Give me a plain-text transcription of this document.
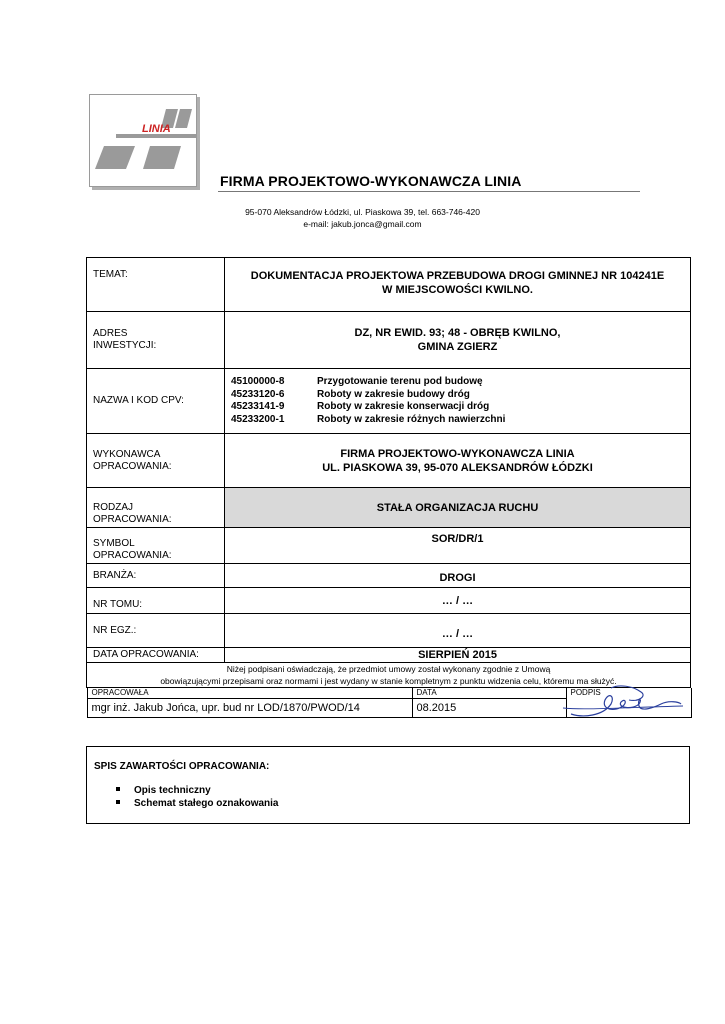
LINIA
FIRMA PROJEKTOWO-WYKONAWCZA LINIA
95-070 Aleksandrów Łódzki, ul. Piaskowa 39, tel. 663-746-420
e-mail: jakub.jonca@gmail.com
TEMAT:	DOKUMENTACJA PROJEKTOWA PRZEBUDOWA DROGI GMINNEJ NR 104241E W MIEJSCOWOŚCI KWILNO.

ADRES
INWESTYCJI:

DZ, NR EWID. 93; 48 - OBRĘB KWILNO,
GMINA ZGIERZ

NAZWA I KOD CPV:	
45100000-8	Przygotowanie terenu pod budowę
45233120-6	Roboty w zakresie budowy dróg
45233141-9	Roboty w zakresie konserwacji dróg
45233200-1	Roboty w zakresie różnych nawierzchni

WYKONAWCA
OPRACOWANIA:

FIRMA PROJEKTOWO-WYKONAWCZA LINIA
UL. PIASKOWA 39, 95-070 ALEKSANDRÓW ŁÓDZKI

RODZAJ
OPRACOWANIA:
	STAŁA ORGANIZACJA RUCHU

SYMBOL
OPRACOWANIA:
	SOR/DR/1
BRANŻA:	DROGI
NR TOMU:	… / …
NR EGZ.:	… / …
DATA OPRACOWANIA:	SIERPIEŃ 2015

Niżej podpisani oświadczają, że przedmiot umowy został wykonany zgodnie z Umową
obowiązującymi przepisami oraz normami i jest wydany w stanie kompletnym z punktu widzenia celu, któremu ma służyć.

OPRACOWAŁA	DATA	PODPIS

mgr inż. Jakub Jońca, upr. bud nr LOD/1870/PWOD/14	08.2015
SPIS ZAWARTOŚCI OPRACOWANIA:
Opis techniczny
Schemat stałego oznakowania
